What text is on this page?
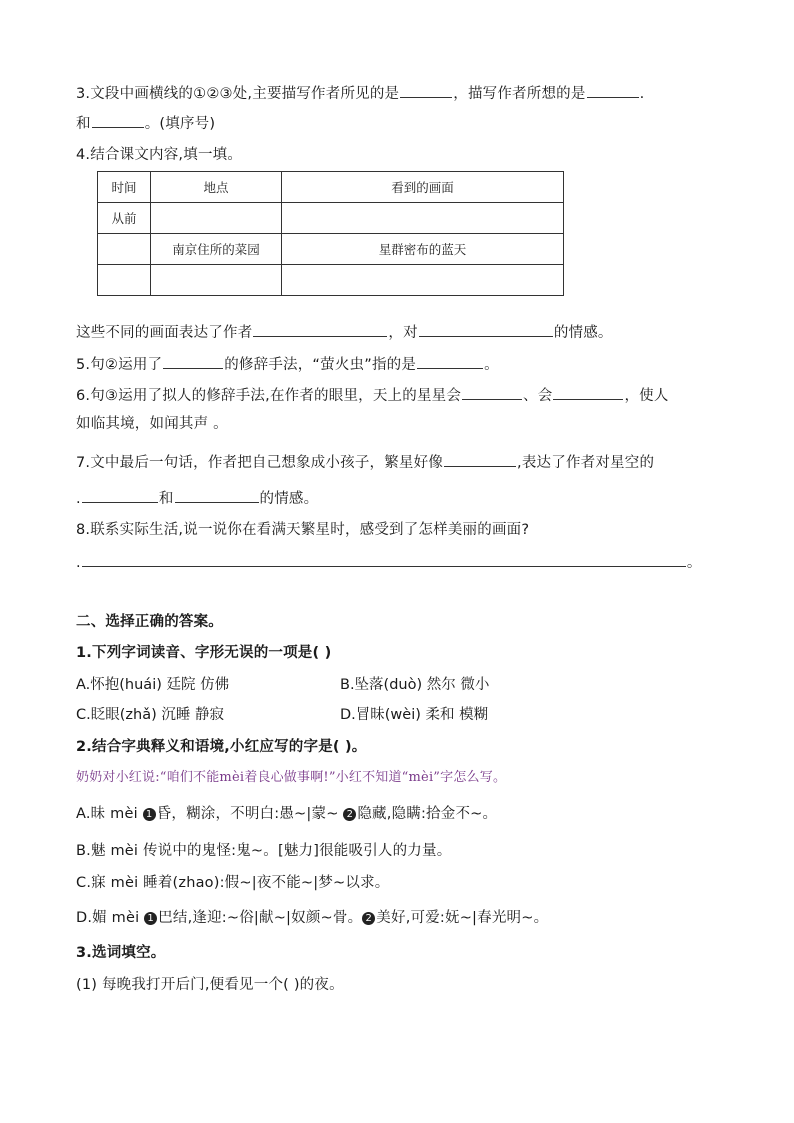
3.文段中画横线的①②③处,主要描写作者所见的是	，描写作者所想的是	.
和	。(填序号)
4.结合课文内容,填一填。
时间	地点	看到的画面
从前		
	南京住所的菜园	星群密布的蓝天

这些不同的画面表达了作者	，对	的情感。
5.句②运用了	的修辞手法，“萤火虫”指的是	。
6.句③运用了拟人的修辞手法,在作者的眼里，天上的星星会	、会	，使人
如临其境，如闻其声 。
7.文中最后一句话，作者把自己想象成小孩子，繁星好像	,表达了作者对星空的
.	和	的情感。
8.联系实际生活,说一说你在看满天繁星时，感受到了怎样美丽的画面?
.	。
二、选择正确的答案。
1.下列字词读音、字形无误的一项是( )
A.怀抱(huái) 廷院 仿佛	B.坠落(duò) 然尔 微小
C.眨眼(zhǎ) 沉睡 静寂	D.冒昧(wèi) 柔和 模糊
2.结合字典释义和语境,小红应写的字是( )。
奶奶对小红说:“咱们不能mèi着良心做事啊!”小红不知道“mèi”字怎么写。
A.昧 mèi 1 昏，糊涂，不明白:愚~|蒙~ 2 隐藏,隐瞒:拾金不~。
B.魅 mèi 传说中的鬼怪:鬼~。[魅力]很能吸引人的力量。
C.寐 mèi 睡着(zhao):假~|夜不能~|梦~以求。
D.媚 mèi 1 巴结,逢迎:~俗|献~|奴颜~骨。 2 美好,可爱:妩~|春光明~。
3.选词填空。
(1) 每晚我打开后门,便看见一个( )的夜。
